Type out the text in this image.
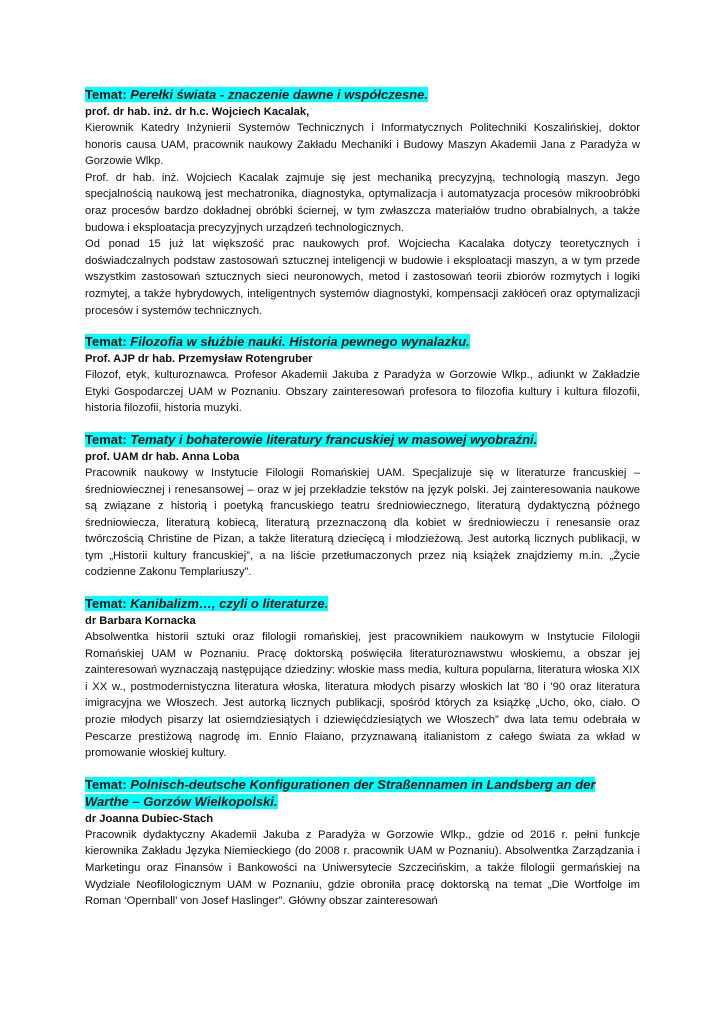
Temat: Perełki świata - znaczenie dawne i współczesne.

prof. dr hab. inż. dr h.c. Wojciech Kacalak,

Kierownik Katedry Inżynierii Systemów Technicznych i Informatycznych Politechniki Koszalińskiej, doktor honoris causa UAM, pracownik naukowy Zakładu Mechaniki i Budowy Maszyn Akademii Jana z Paradyża w Gorzowie Wlkp.

Prof. dr hab. inż. Wojciech Kacalak zajmuje się jest mechaniką precyzyjną, technologią maszyn. Jego specjalnością naukową jest mechatronika, diagnostyka, optymalizacja i automatyzacja procesów mikroobróbki oraz procesów bardzo dokładnej obróbki ściernej, w tym zwłaszcza materiałów trudno obrabialnych, a także budowa i eksploatacja precyzyjnych urządzeń technologicznych.

Od ponad 15 już lat większość prac naukowych prof. Wojciecha Kacalaka dotyczy teoretycznych i doświadczalnych podstaw zastosowań sztucznej inteligencji w budowie i eksploatacji maszyn, a w tym przede wszystkim zastosowań sztucznych sieci neuronowych, metod i zastosowań teorii zbiorów rozmytych i logiki rozmytej, a także hybrydowych, inteligentnych systemów diagnostyki, kompensacji zakłóceń oraz optymalizacji procesów i systemów technicznych.

Temat: Filozofia w służbie nauki. Historia pewnego wynalazku.

Prof. AJP dr hab. Przemysław Rotengruber

Filozof, etyk, kulturoznawca. Profesor Akademii Jakuba z Paradyża w Gorzowie Wlkp., adiunkt w Zakładzie Etyki Gospodarczej UAM w Poznaniu. Obszary zainteresowań profesora to filozofia kultury i kultura filozofii, historia filozofii, historia muzyki.

Temat: Tematy i bohaterowie literatury francuskiej w masowej wyobraźni.

prof. UAM dr hab. Anna Loba

Pracownik naukowy w Instytucie Filologii Romańskiej UAM. Specjalizuje się w literaturze francuskiej – średniowiecznej i renesansowej – oraz w jej przekładzie tekstów na język polski. Jej zainteresowania naukowe są związane z historią i poetyką francuskiego teatru średniowiecznego, literaturą dydaktyczną późnego średniowiecza, literaturą kobiecą, literaturą przeznaczoną dla kobiet w średniowieczu i renesansie oraz twórczością Christine de Pizan, a także literaturą dziecięcą i młodzieżową. Jest autorką licznych publikacji, w tym „Historii kultury francuskiej”, a na liście przetłumaczonych przez nią książek znajdziemy m.in. „Życie codzienne Zakonu Templariuszy”.

Temat: Kanibalizm…, czyli o literaturze.

dr Barbara Kornacka

Absolwentka historii sztuki oraz filologii romańskiej, jest pracownikiem naukowym w Instytucie Filologii Romańskiej UAM w Poznaniu. Pracę doktorską poświęciła literaturoznawstwu włoskiemu, a obszar jej zainteresowań wyznaczają następujące dziedziny: włoskie mass media, kultura popularna, literatura włoska XIX i XX w., postmodernistyczna literatura włoska, literatura młodych pisarzy włoskich lat '80 i '90 oraz literatura imigracyjna we Włoszech. Jest autorką licznych publikacji, spośród których za książkę „Ucho, oko, ciało. O prozie młodych pisarzy lat osiemdziesiątych i dziewięćdziesiątych we Włoszech” dwa lata temu odebrała w Pescarze prestiżową nagrodę im. Ennio Flaiano, przyznawaną italianistom z całego świata za wkład w promowanie włoskiej kultury.

Temat: Polnisch-deutsche Konfigurationen der Straßennamen in Landsberg an der Warthe – Gorzów Wielkopolski.

dr Joanna Dubiec-Stach

Pracownik dydaktyczny Akademii Jakuba z Paradyża w Gorzowie Wlkp., gdzie od 2016 r. pełni funkcje kierownika Zakładu Języka Niemieckiego (do 2008 r. pracownik UAM w Poznaniu). Absolwentka Zarządzania i Marketingu oraz Finansów i Bankowości na Uniwersytecie Szczecińskim, a także filologii germańskiej na Wydziale Neofilologicznym UAM w Poznaniu, gdzie obroniła pracę doktorską na temat „Die Wortfolge im Roman ‘Opernball’ von Josef Haslinger”. Główny obszar zainteresowań
